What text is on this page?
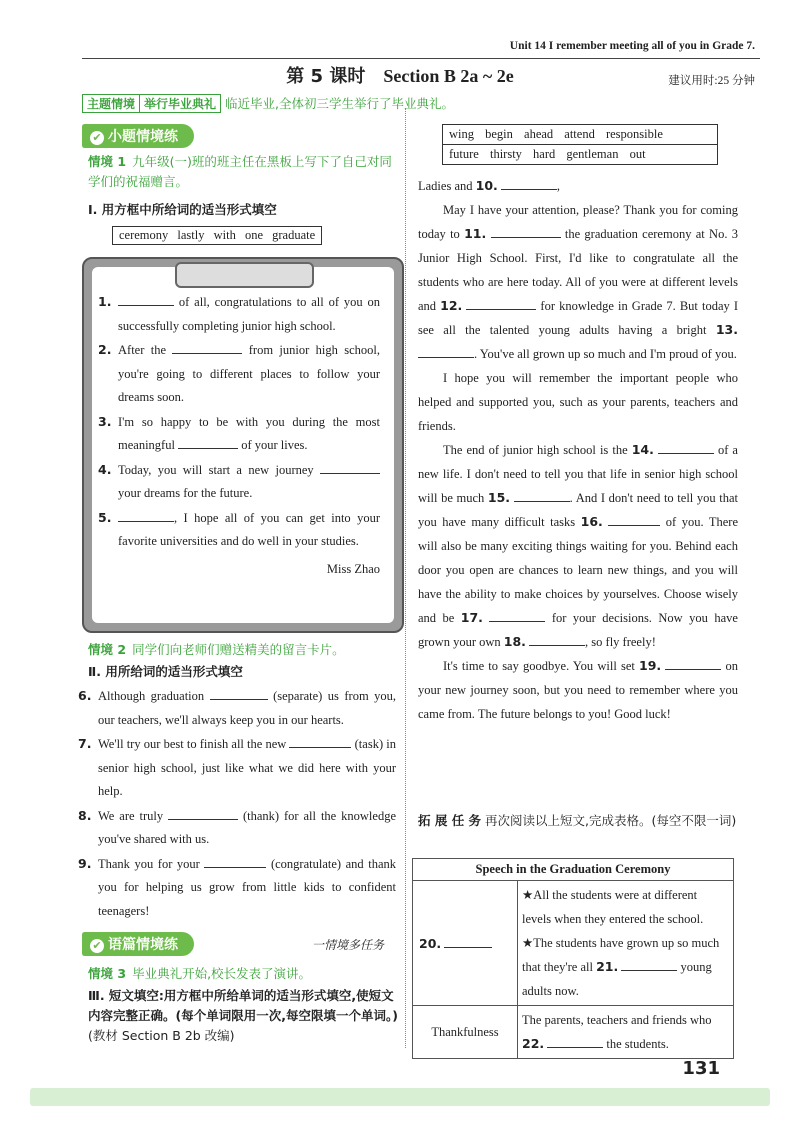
Unit 14 I remember meeting all of you in Grade 7.
第 5 课时 Section B 2a ~ 2e	建议用时:25 分钟
主题情境 举行毕业典礼 临近毕业,全体初三学生举行了毕业典礼。
✔ 小题情境练
情境 1 九年级(一)班的班主任在黑板上写下了自己对同学们的祝福赠言。
Ⅰ. 用方框中所给词的适当形式填空
ceremony lastly with one graduate
1.	of all, congratulations to all of you on successfully completing junior high school.
2. After the	from junior high school, you're going to different places to follow your dreams soon.
3. I'm so happy to be with you during the most meaningful	of your lives.
4. Today, you will start a new journey  your dreams for the future.
5.	, I hope all of you can get into your favorite universities and do well in your studies.
Miss Zhao
情境 2 同学们向老师们赠送精美的留言卡片。
Ⅱ. 用所给词的适当形式填空
6. Although graduation	(separate) us from you, our teachers, we'll always keep you in our hearts.
7. We'll try our best to finish all the new	(task) in senior high school, just like what we did here with your help.
8. We are truly	(thank) for all the knowledge you've shared with us.
9. Thank you for your	(congratulate) and thank you for helping us grow from little kids to confident teenagers!
✔ 语篇情境练	一情境多任务
情境 3 毕业典礼开始,校长发表了演讲。
Ⅲ. 短文填空:用方框中所给单词的适当形式填空,使短文内容完整正确。(每个单词限用一次,每空限填一个单词。)(教材 Section B 2b 改编)
wing begin ahead attend responsible
future thirsty hard gentleman out
Ladies and 10.	,
May I have your attention, please? Thank you for coming today to 11.	the graduation ceremony at No. 3 Junior High School. First, I'd like to congratulate all the students who are here today. All of you were at different levels and 12.	for knowledge in Grade 7. But today I see all the talented young adults having a bright 13. . You've all grown up so much and I'm proud of you.
I hope you will remember the important people who helped and supported you, such as your parents, teachers and friends.
The end of junior high school is the 14.	of a new life. I don't need to tell you that life in senior high school will be much 15.	. And I don't need to tell you that you have many difficult tasks 16.	of you. There will also be many exciting things waiting for you. Behind each door you open are chances to learn new things, and you will have the ability to make choices by yourselves. Choose wisely and be 17.	for your decisions. Now you have grown your own 18.	, so fly freely!
It's time to say goodbye. You will set 19.	on your new journey soon, but you need to remember where you came from. The future belongs to you! Good luck!
拓 展 任 务 再次阅读以上短文,完成表格。(每空不限一词)
Speech in the Graduation Ceremony	
20.	★All the students were at different levels when they entered the school.
★The students have grown up so much that they're all 21. young adults now.

Thankfulness	The parents, teachers and friends who 22. the students.
131
